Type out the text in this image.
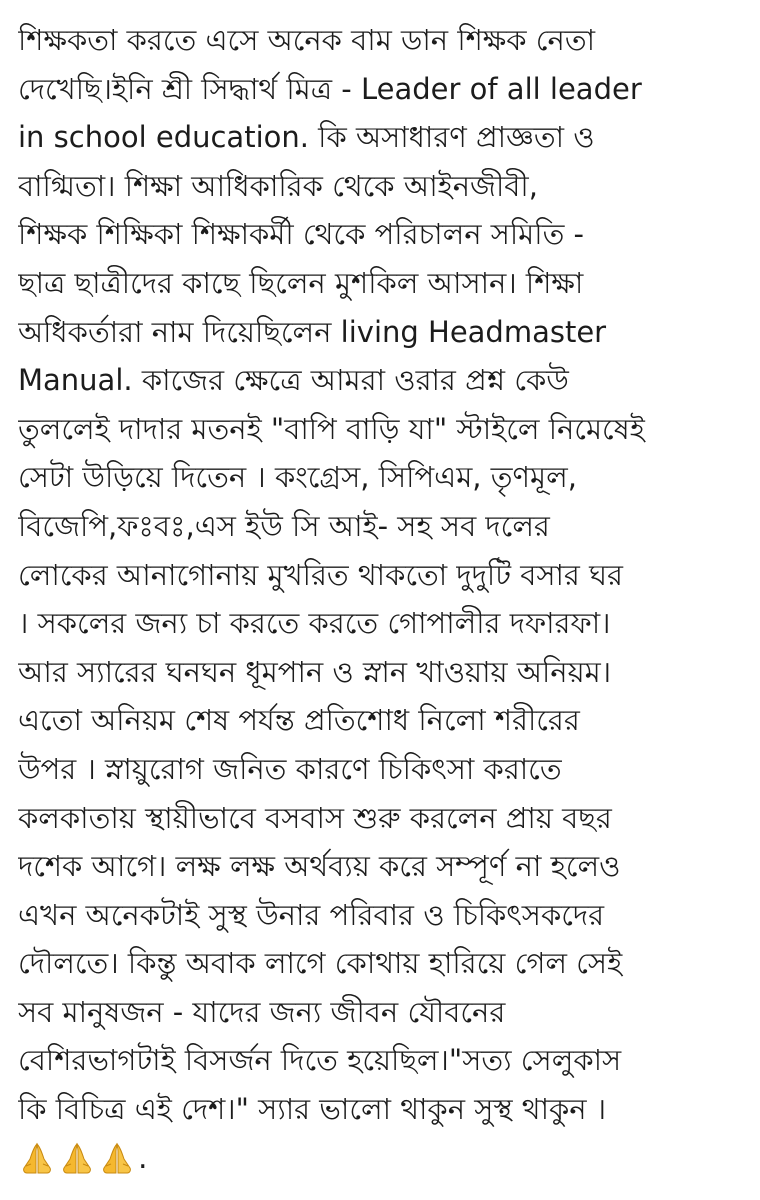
শিক্ষকতা করতে এসে অনেক বাম ডান শিক্ষক নেতা
দেখেছি।ইনি শ্রী সিদ্ধার্থ মিত্র - Leader of all leader
in school education. কি অসাধারণ প্রাজ্ঞতা ও
বাগ্মিতা। শিক্ষা আধিকারিক থেকে আইনজীবী,
শিক্ষক শিক্ষিকা শিক্ষাকর্মী থেকে পরিচালন সমিতি -
ছাত্র ছাত্রীদের কাছে ছিলেন মুশকিল আসান। শিক্ষা
অধিকর্তারা নাম দিয়েছিলেন living Headmaster
Manual. কাজের ক্ষেত্রে আমরা ওরার প্রশ্ন কেউ
তুললেই দাদার মতনই "বাপি বাড়ি যা" স্টাইলে নিমেষেই
সেটা উড়িয়ে দিতেন । কংগ্রেস, সিপিএম, তৃণমূল,
বিজেপি,ফঃবঃ,এস ইউ সি আই- সহ সব দলের
লোকের আনাগোনায় মুখরিত থাকতো দুদুটি বসার ঘর
। সকলের জন্য চা করতে করতে গোপালীর দফারফা।
আর স্যারের ঘনঘন ধূমপান ও স্নান খাওয়ায় অনিয়ম।
এতো অনিয়ম শেষ পর্যন্ত প্রতিশোধ নিলো শরীরের
উপর । স্নায়ুরোগ জনিত কারণে চিকিৎসা করাতে
কলকাতায় স্থায়ীভাবে বসবাস শুরু করলেন প্রায় বছর
দশেক আগে। লক্ষ লক্ষ অর্থব্যয় করে সম্পূর্ণ না হলেও
এখন অনেকটাই সুস্থ উনার পরিবার ও চিকিৎসকদের
দৌলতে। কিন্তু অবাক লাগে কোথায় হারিয়ে গেল সেই
সব মানুষজন - যাদের জন্য জীবন যৌবনের
বেশিরভাগটাই বিসর্জন দিতে হয়েছিল।"সত্য সেলুকাস
কি বিচিত্র এই দেশ।" স্যার ভালো থাকুন সুস্থ থাকুন ।
.
